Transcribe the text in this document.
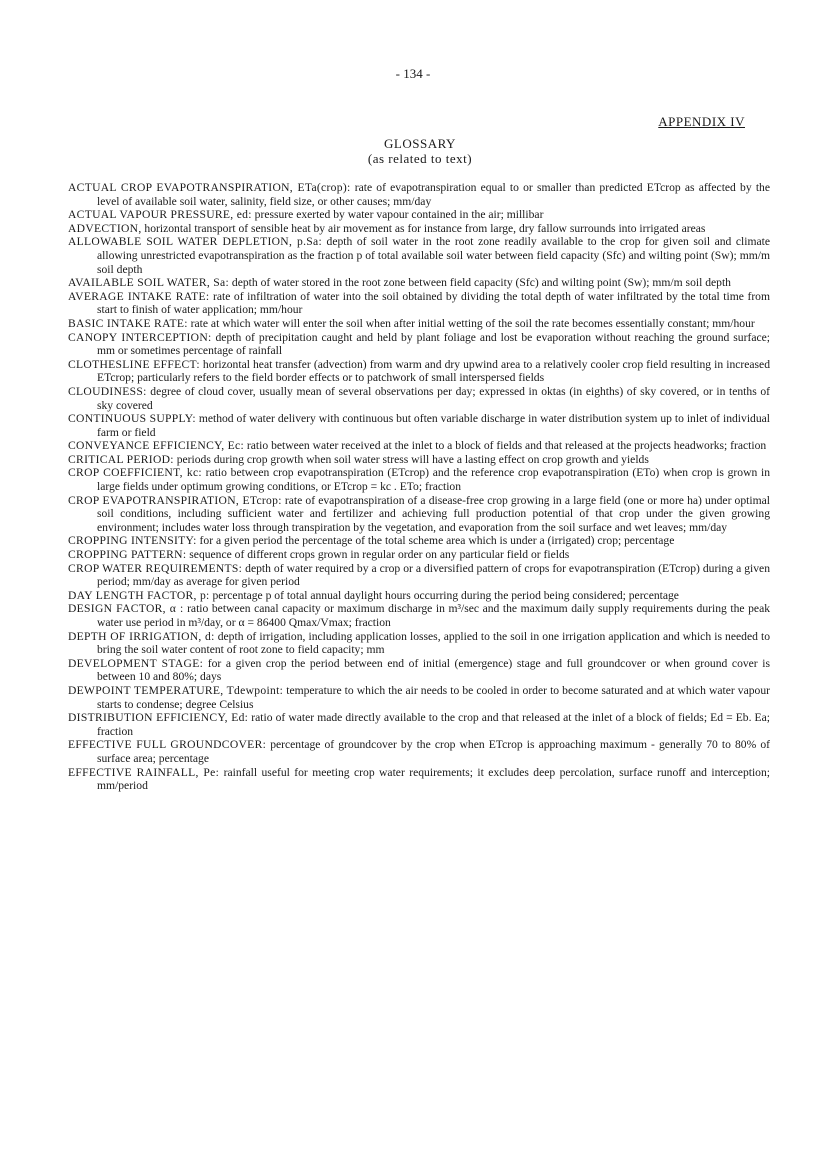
- 134 -
APPENDIX IV
GLOSSARY
(as related to text)
ACTUAL CROP EVAPOTRANSPIRATION, ETa(crop): rate of evapotranspiration equal to or smaller than predicted ETcrop as affected by the level of available soil water, salinity, field size, or other causes; mm/day
ACTUAL VAPOUR PRESSURE, ed: pressure exerted by water vapour contained in the air; millibar
ADVECTION, horizontal transport of sensible heat by air movement as for instance from large, dry fallow surrounds into irrigated areas
ALLOWABLE SOIL WATER DEPLETION, p.Sa: depth of soil water in the root zone readily available to the crop for given soil and climate allowing unrestricted evapotranspiration as the fraction p of total available soil water between field capacity (Sfc) and wilting point (Sw); mm/m soil depth
AVAILABLE SOIL WATER, Sa: depth of water stored in the root zone between field capacity (Sfc) and wilting point (Sw); mm/m soil depth
AVERAGE INTAKE RATE: rate of infiltration of water into the soil obtained by dividing the total depth of water infiltrated by the total time from start to finish of water application; mm/hour
BASIC INTAKE RATE: rate at which water will enter the soil when after initial wetting of the soil the rate becomes essentially constant; mm/hour
CANOPY INTERCEPTION: depth of precipitation caught and held by plant foliage and lost be evaporation without reaching the ground surface; mm or sometimes percentage of rainfall
CLOTHESLINE EFFECT: horizontal heat transfer (advection) from warm and dry upwind area to a relatively cooler crop field resulting in increased ETcrop; particularly refers to the field border effects or to patchwork of small interspersed fields
CLOUDINESS: degree of cloud cover, usually mean of several observations per day; expressed in oktas (in eighths) of sky covered, or in tenths of sky covered
CONTINUOUS SUPPLY: method of water delivery with continuous but often variable discharge in water distribution system up to inlet of individual farm or field
CONVEYANCE EFFICIENCY, Ec: ratio between water received at the inlet to a block of fields and that released at the projects headworks; fraction
CRITICAL PERIOD: periods during crop growth when soil water stress will have a lasting effect on crop growth and yields
CROP COEFFICIENT, kc: ratio between crop evapotranspiration (ETcrop) and the reference crop evapotranspiration (ETo) when crop is grown in large fields under optimum growing conditions, or ETcrop = kc . ETo; fraction
CROP EVAPOTRANSPIRATION, ETcrop: rate of evapotranspiration of a disease-free crop growing in a large field (one or more ha) under optimal soil conditions, including sufficient water and fertilizer and achieving full production potential of that crop under the given growing environment; includes water loss through transpiration by the vegetation, and evaporation from the soil surface and wet leaves; mm/day
CROPPING INTENSITY: for a given period the percentage of the total scheme area which is under a (irrigated) crop; percentage
CROPPING PATTERN: sequence of different crops grown in regular order on any particular field or fields
CROP WATER REQUIREMENTS: depth of water required by a crop or a diversified pattern of crops for evapotranspiration (ETcrop) during a given period; mm/day as average for given period
DAY LENGTH FACTOR, p: percentage p of total annual daylight hours occurring during the period being considered; percentage
DESIGN FACTOR, α : ratio between canal capacity or maximum discharge in m³/sec and the maximum daily supply requirements during the peak water use period in m³/day, or α = 86400 Qmax/Vmax; fraction
DEPTH OF IRRIGATION, d: depth of irrigation, including application losses, applied to the soil in one irrigation application and which is needed to bring the soil water content of root zone to field capacity; mm
DEVELOPMENT STAGE: for a given crop the period between end of initial (emergence) stage and full groundcover or when ground cover is between 10 and 80%; days
DEWPOINT TEMPERATURE, Tdewpoint: temperature to which the air needs to be cooled in order to become saturated and at which water vapour starts to condense; degree Celsius
DISTRIBUTION EFFICIENCY, Ed: ratio of water made directly available to the crop and that released at the inlet of a block of fields; Ed = Eb. Ea; fraction
EFFECTIVE FULL GROUNDCOVER: percentage of groundcover by the crop when ETcrop is approaching maximum - generally 70 to 80% of surface area; percentage
EFFECTIVE RAINFALL, Pe: rainfall useful for meeting crop water requirements; it excludes deep percolation, surface runoff and interception; mm/period
